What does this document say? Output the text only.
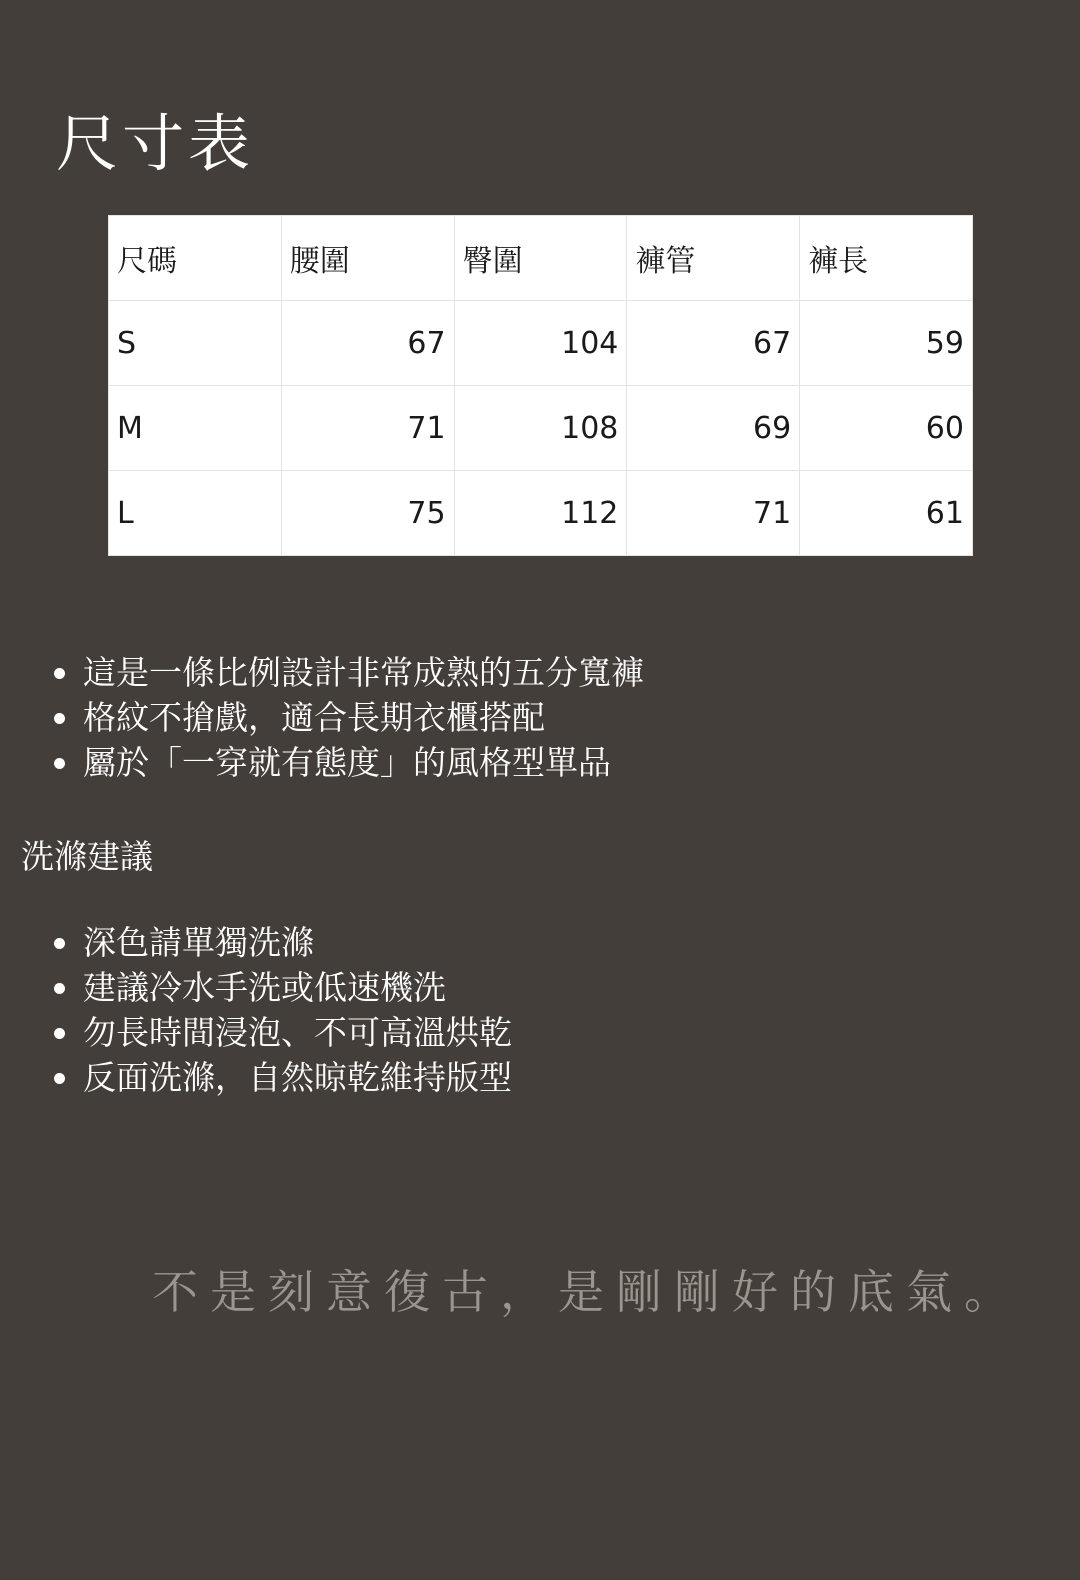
尺寸表
尺碼	腰圍	臀圍	褲管	褲長
S	67	104	67	59
M	71	108	69	60
L	75	112	71	61
這是一條比例設計非常成熟的五分寬褲
格紋不搶戲，適合長期衣櫃搭配
屬於「一穿就有態度」的風格型單品
洗滌建議
深色請單獨洗滌
建議冷水手洗或低速機洗
勿長時間浸泡、不可高溫烘乾
反面洗滌，自然晾乾維持版型
不是刻意復古，是剛剛好的底氣。
